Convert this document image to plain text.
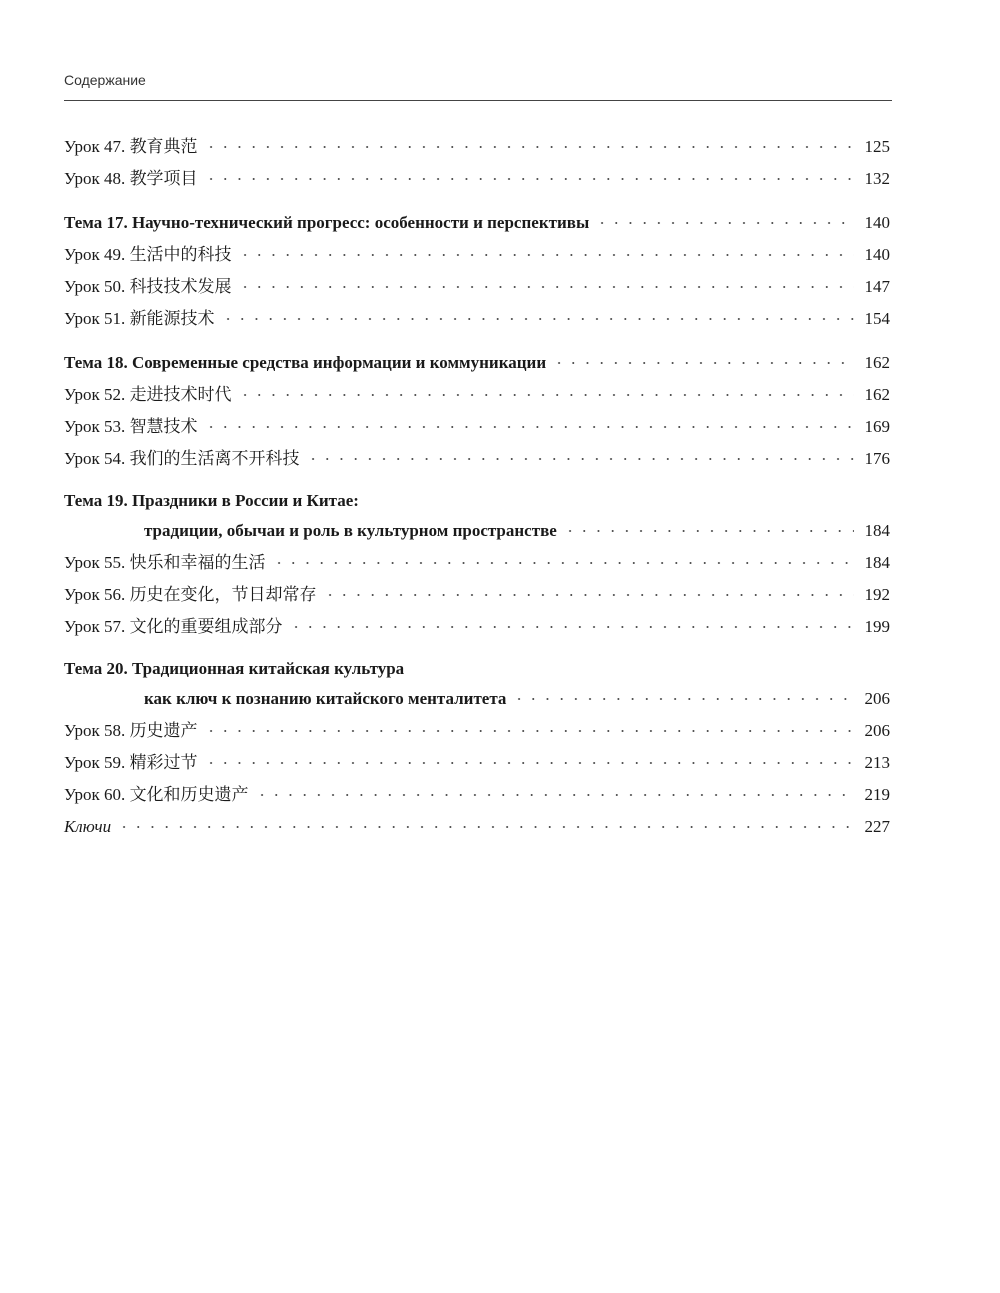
Содержание
Урок 47. 教育典范	125
Урок 48. 教学项目	132
Тема 17. Научно-технический прогресс: особенности и перспективы	140
Урок 49. 生活中的科技	140
Урок 50. 科技技术发展	147
Урок 51. 新能源技术	154
Тема 18. Современные средства информации и коммуникации	162
Урок 52. 走进技术时代	162
Урок 53. 智慧技术	169
Урок 54. 我们的生活离不开科技	176
Тема 19. Праздники в России и Китае:
традиции, обычаи и роль в культурном пространстве	184
Урок 55. 快乐和幸福的生活	184
Урок 56. 历史在变化，节日却常存	192
Урок 57. 文化的重要组成部分	199
Тема 20. Традиционная китайская культура
как ключ к познанию китайского менталитета	206
Урок 58. 历史遗产	206
Урок 59. 精彩过节	213
Урок 60. 文化和历史遗产	219
Ключи	227
